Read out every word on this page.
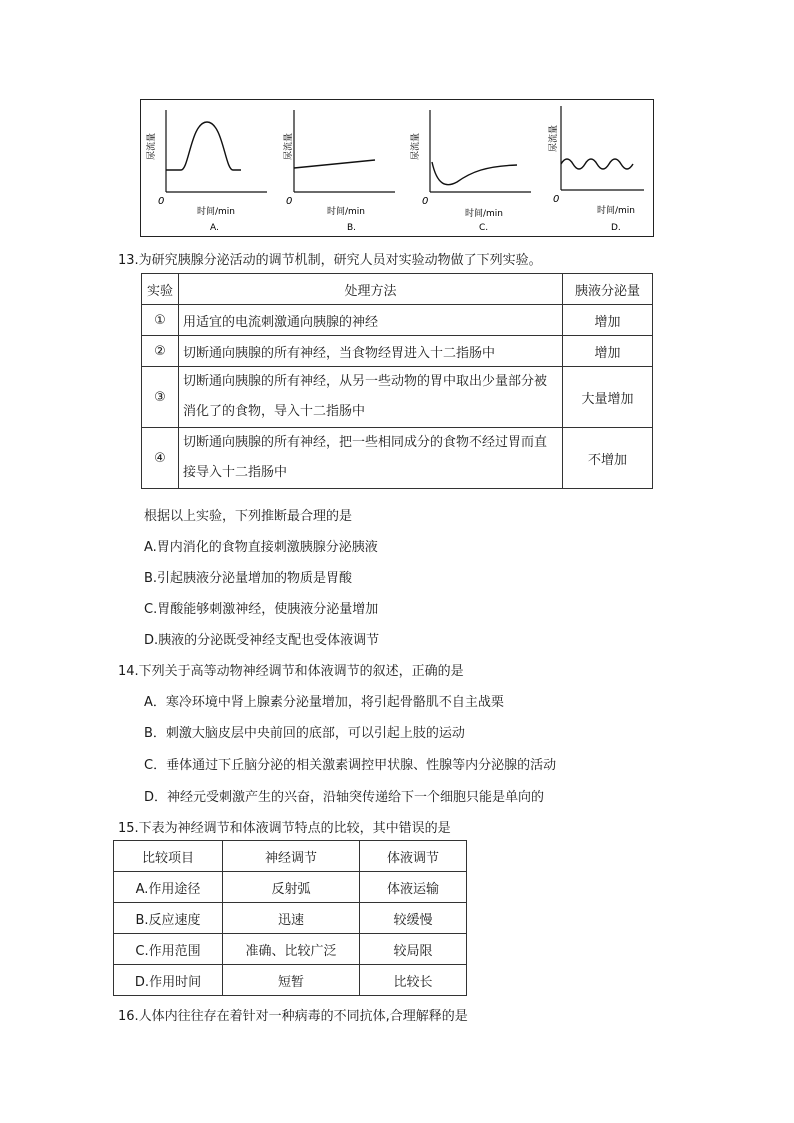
尿流量
0
时间/min
A.
尿流量
0
时间/min
B.
尿流量
0
时间/min
C.
尿流量
0
时间/min
D.
13.为研究胰腺分泌活动的调节机制，研究人员对实验动物做了下列实验。
实验	处理方法	胰液分泌量
①	用适宜的电流刺激通向胰腺的神经	增加
②	切断通向胰腺的所有神经，当食物经胃进入十二指肠中	增加
③	切断通向胰腺的所有神经，从另一些动物的胃中取出少量部分被消化了的食物，导入十二指肠中	大量增加
④	切断通向胰腺的所有神经，把一些相同成分的食物不经过胃而直接导入十二指肠中	不增加
根据以上实验，下列推断最合理的是
A.胃内消化的食物直接刺激胰腺分泌胰液
B.引起胰液分泌量增加的物质是胃酸
C.胃酸能够刺激神经，使胰液分泌量增加
D.胰液的分泌既受神经支配也受体液调节
14.下列关于高等动物神经调节和体液调节的叙述，正确的是
A．寒冷环境中肾上腺素分泌量增加，将引起骨骼肌不自主战栗
B．刺激大脑皮层中央前回的底部，可以引起上肢的运动
C．垂体通过下丘脑分泌的相关激素调控甲状腺、性腺等内分泌腺的活动
D．神经元受刺激产生的兴奋，沿轴突传递给下一个细胞只能是单向的
15.下表为神经调节和体液调节特点的比较，其中错误的是
比较项目	神经调节	体液调节
A.作用途径	反射弧	体液运输
B.反应速度	迅速	较缓慢
C.作用范围	准确、比较广泛	较局限
D.作用时间	短暂	比较长
16.人体内往往存在着针对一种病毒的不同抗体,合理解释的是
